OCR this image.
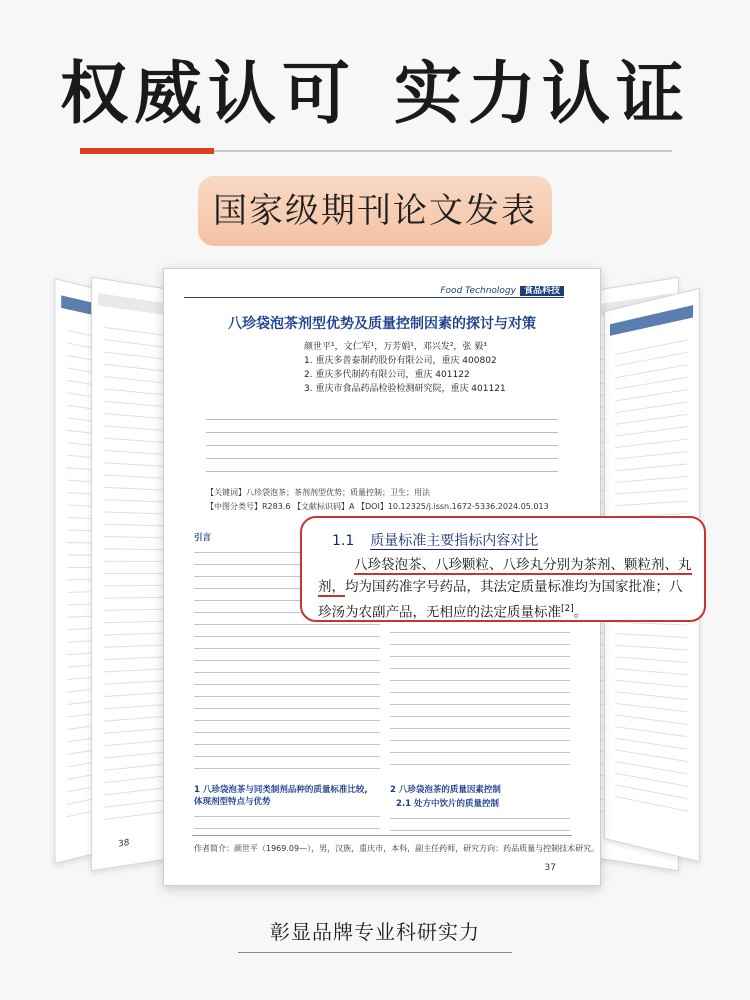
权威认可 实力认证
国家级期刊论文发表
38
Food Technology 食品科技
八珍袋泡茶剂型优势及质量控制因素的探讨与对策
颜世平¹，文仁军¹，万芳娟¹，邓兴发²，张 毅³
1. 重庆多普泰制药股份有限公司，重庆 400802
2. 重庆多代制药有限公司，重庆 401122
3. 重庆市食品药品检验检测研究院，重庆 401121
【关键词】八珍袋泡茶；茶剂剂型优势；质量控制；卫生；用法
【中图分类号】R283.6 【文献标识码】A 【DOI】10.12325/j.issn.1672-5336.2024.05.013
引言
1 八珍袋泡茶与同类制剂品种的质量标准比较,
体现剂型特点与优势
2 八珍袋泡茶的质量因素控制
2.1 处方中饮片的质量控制
作者简介：颜世平（1969.09—），男，汉族，重庆市，本科，副主任药师，研究方向：药品质量与控制技术研究。
37
1.1 质量标准主要指标内容对比
八珍袋泡茶、八珍颗粒、八珍丸分别为茶剂、颗粒剂、丸剂，均为国药准字号药品，其法定质量标准均为国家批准；八珍汤为农副产品，无相应的法定质量标准[2]。
彰显品牌专业科研实力
